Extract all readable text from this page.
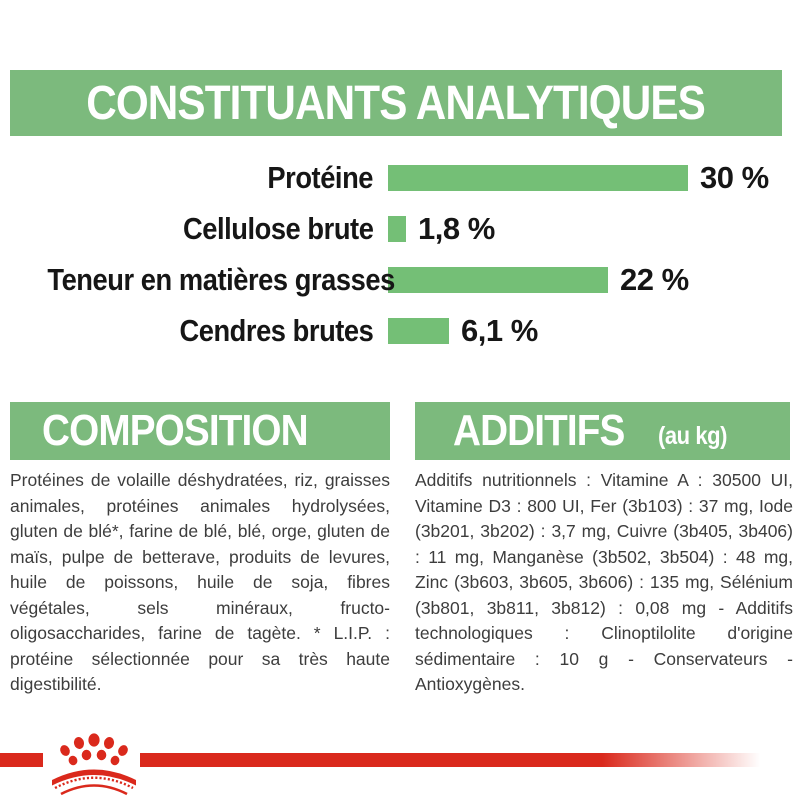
CONSTITUANTS ANALYTIQUES
Protéine	30 %
Cellulose brute	1,8 %
Teneur en matières grasses	22 %
Cendres brutes	6,1 %
COMPOSITION	ADDITIFS (au kg)

Protéines de volaille déshydratées, riz, graisses animales, protéines animales hydrolysées, gluten de blé*, farine de blé, blé, orge, gluten de maïs, pulpe de betterave, produits de levures, huile de poissons, huile de soja, fibres végétales, sels minéraux, fructo-oligosaccharides, farine de tagète. * L.I.P. : protéine sélectionnée pour sa très haute digestibilité.

Additifs nutritionnels : Vitamine A : 30500 UI, Vitamine D3 : 800 UI, Fer (3b103) : 37 mg, Iode (3b201, 3b202) : 3,7 mg, Cuivre (3b405, 3b406) : 11 mg, Manganèse (3b502, 3b504) : 48 mg, Zinc (3b603, 3b605, 3b606) : 135 mg, Sélénium (3b801, 3b811, 3b812) : 0,08 mg - Additifs technologiques : Clinoptilolite d'origine sédimentaire : 10 g - Conservateurs - Antioxygènes.
